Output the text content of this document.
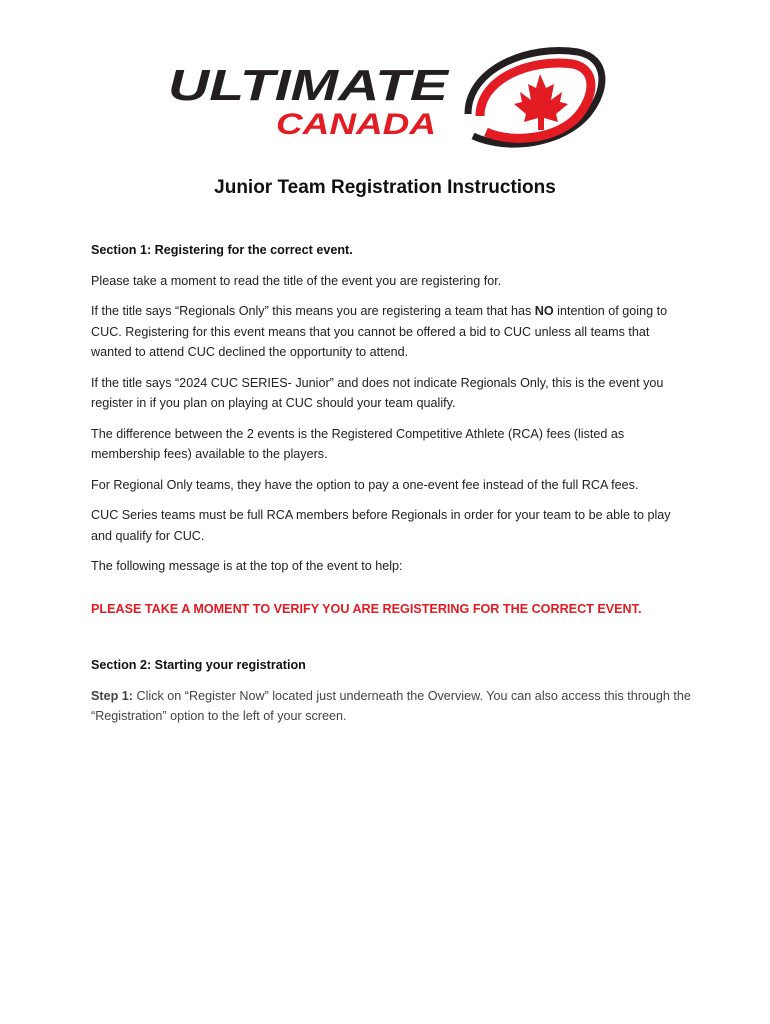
ULTIMATE
CANADA
Junior Team Registration Instructions

Section 1: Registering for the correct event.

Please take a moment to read the title of the event you are registering for.

If the title says “Regionals Only” this means you are registering a team that has NO intention of going to CUC. Registering for this event means that you cannot be offered a bid to CUC unless all teams that wanted to attend CUC declined the opportunity to attend.

If the title says “2024 CUC SERIES- Junior” and does not indicate Regionals Only, this is the event you register in if you plan on playing at CUC should your team qualify.

The difference between the 2 events is the Registered Competitive Athlete (RCA) fees (listed as membership fees) available to the players.

For Regional Only teams, they have the option to pay a one-event fee instead of the full RCA fees.

CUC Series teams must be full RCA members before Regionals in order for your team to be able to play and qualify for CUC.

The following message is at the top of the event to help:

PLEASE TAKE A MOMENT TO VERIFY YOU ARE REGISTERING FOR THE CORRECT EVENT.

Section 2: Starting your registration

Step 1: Click on “Register Now” located just underneath the Overview. You can also access this through the “Registration” option to the left of your screen.
